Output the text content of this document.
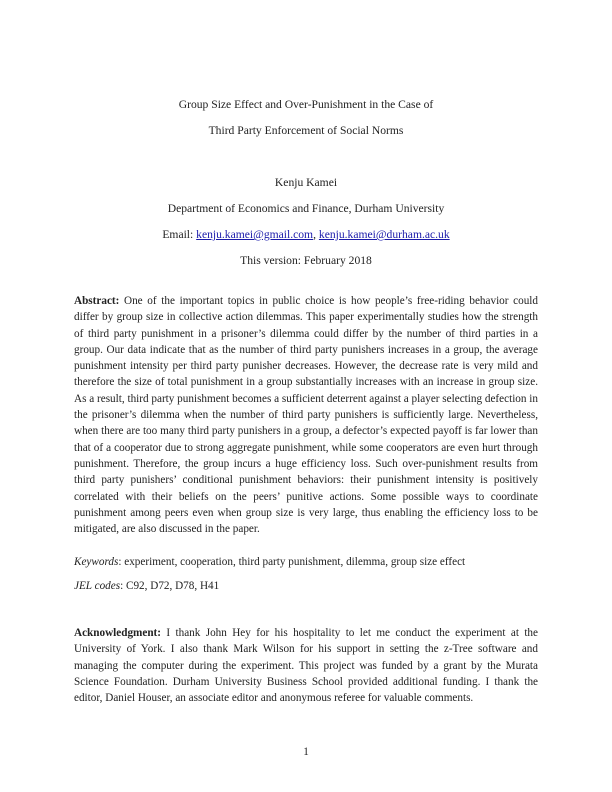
Group Size Effect and Over-Punishment in the Case of
Third Party Enforcement of Social Norms
Kenju Kamei
Department of Economics and Finance, Durham University
Email: kenju.kamei@gmail.com, kenju.kamei@durham.ac.uk
This version: February 2018
Abstract: One of the important topics in public choice is how people’s free-riding behavior could differ by group size in collective action dilemmas. This paper experimentally studies how the strength of third party punishment in a prisoner’s dilemma could differ by the number of third parties in a group. Our data indicate that as the number of third party punishers increases in a group, the average punishment intensity per third party punisher decreases. However, the decrease rate is very mild and therefore the size of total punishment in a group substantially increases with an increase in group size. As a result, third party punishment becomes a sufficient deterrent against a player selecting defection in the prisoner’s dilemma when the number of third party punishers is sufficiently large. Nevertheless, when there are too many third party punishers in a group, a defector’s expected payoff is far lower than that of a cooperator due to strong aggregate punishment, while some cooperators are even hurt through punishment. Therefore, the group incurs a huge efficiency loss. Such over-punishment results from third party punishers’ conditional punishment behaviors: their punishment intensity is positively correlated with their beliefs on the peers’ punitive actions. Some possible ways to coordinate punishment among peers even when group size is very large, thus enabling the efficiency loss to be mitigated, are also discussed in the paper.
Keywords: experiment, cooperation, third party punishment, dilemma, group size effect
JEL codes: C92, D72, D78, H41
Acknowledgment: I thank John Hey for his hospitality to let me conduct the experiment at the University of York. I also thank Mark Wilson for his support in setting the z-Tree software and managing the computer during the experiment. This project was funded by a grant by the Murata Science Foundation. Durham University Business School provided additional funding. I thank the editor, Daniel Houser, an associate editor and anonymous referee for valuable comments.
1
